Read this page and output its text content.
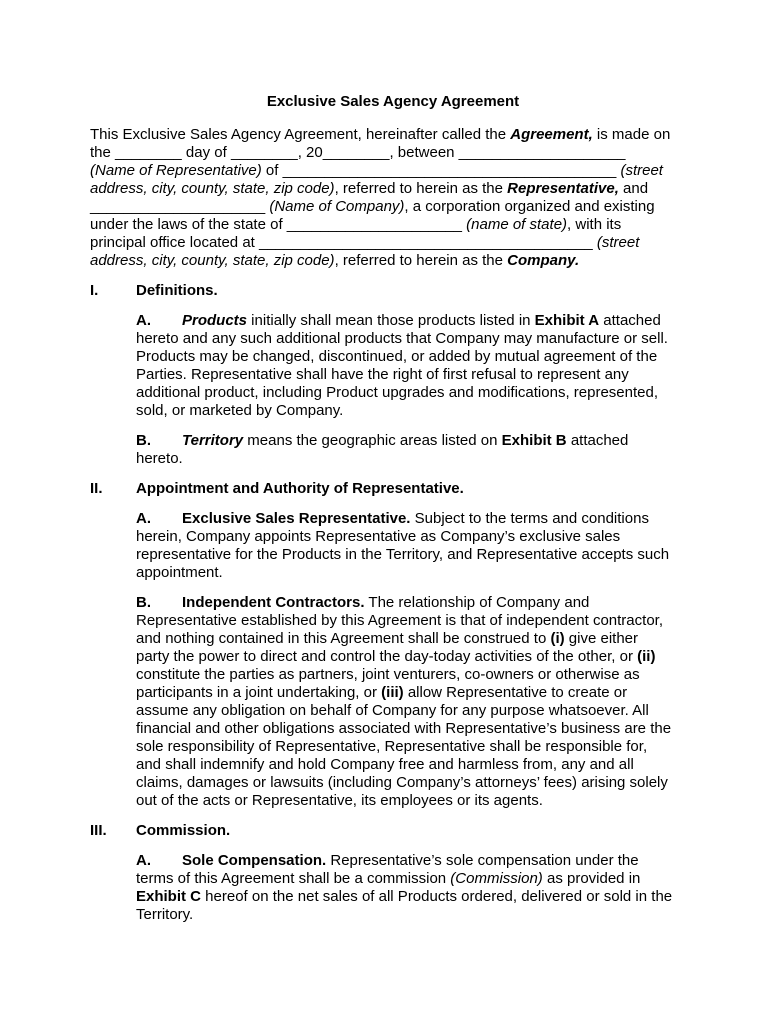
Exclusive Sales Agency Agreement
This Exclusive Sales Agency Agreement, hereinafter called the Agreement, is made on
the ________ day of ________, 20________, between ____________________
(Name of Representative) of ________________________________________ (street
address, city, county, state, zip code), referred to herein as the Representative, and
_____________________ (Name of Company), a corporation organized and existing
under the laws of the state of _____________________ (name of state), with its
principal office located at ________________________________________ (street
address, city, county, state, zip code), referred to herein as the Company.
I.	Definitions.
A. Products initially shall mean those products listed in Exhibit A attached
hereto and any such additional products that Company may manufacture or sell.
Products may be changed, discontinued, or added by mutual agreement of the
Parties. Representative shall have the right of first refusal to represent any
additional product, including Product upgrades and modifications, represented,
sold, or marketed by Company.
B. Territory means the geographic areas listed on Exhibit B attached
hereto.
II. Appointment and Authority of Representative.
A. Exclusive Sales Representative. Subject to the terms and conditions
herein, Company appoints Representative as Company’s exclusive sales
representative for the Products in the Territory, and Representative accepts such
appointment.
B. Independent Contractors. The relationship of Company and
Representative established by this Agreement is that of independent contractor,
and nothing contained in this Agreement shall be construed to (i) give either
party the power to direct and control the day-today activities of the other, or (ii)
constitute the parties as partners, joint venturers, co-owners or otherwise as
participants in a joint undertaking, or (iii) allow Representative to create or
assume any obligation on behalf of Company for any purpose whatsoever. All
financial and other obligations associated with Representative’s business are the
sole responsibility of Representative, Representative shall be responsible for,
and shall indemnify and hold Company free and harmless from, any and all
claims, damages or lawsuits (including Company’s attorneys’ fees) arising solely
out of the acts or Representative, its employees or its agents.
III. Commission.
A. Sole Compensation. Representative’s sole compensation under the
terms of this Agreement shall be a commission (Commission) as provided in
Exhibit C hereof on the net sales of all Products ordered, delivered or sold in the
Territory.
